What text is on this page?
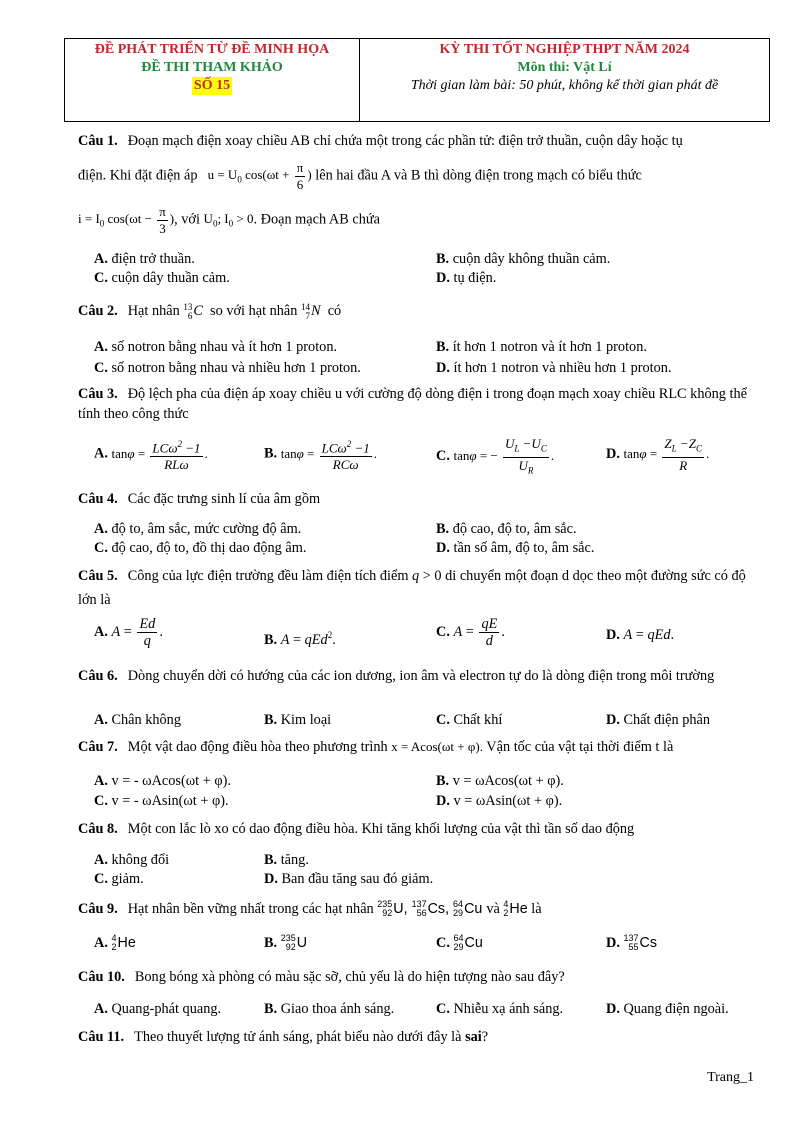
ĐỀ PHÁT TRIỂN TỪ ĐỀ MINH HỌA
ĐỀ THI THAM KHẢO
SỐ 15
KỲ THI TỐT NGHIỆP THPT NĂM 2024
Môn thi: Vật Lí
Thời gian làm bài: 50 phút, không kể thời gian phát đề
Câu 1. Đoạn mạch điện xoay chiều AB chỉ chứa một trong các phần tử: điện trở thuần, cuộn dây hoặc tụ
điện. Khi đặt điện áp   $u = U_0$ $\cos(\omega t + \frac{\pi}{6}$ ) lên hai đầu A và B thì dòng điện trong mạch có biểu thức
$i = I_0$ $\cos(\omega t - \frac{\pi}{3}$ ), với $U_0$; $I_0 > 0$. Đoạn mạch AB chứa
A. điện trở thuần.	B. cuộn dây không thuần cảm.
C. cuộn dây thuần cảm.	D. tụ điện.
Câu 2. Hạt nhân 13
6 C so với hạt nhân 14
7 N có
A. số notron bằng nhau và ít hơn 1 proton.	B. ít hơn 1 notron và ít hơn 1 proton.
C. số notron bằng nhau và nhiều hơn 1 proton.	D. ít hơn 1 notron và nhiều hơn 1 proton.
Câu 3. Độ lệch pha của điện áp xoay chiều u với cường độ dòng điện i trong đoạn mạch xoay chiều RLC không thể tính theo công thức
A. $\tan\varphi = \frac{LC\omega^2 -1}{\text{RLω}}$ .	B. $\tan\varphi = \frac{LC\omega^2 -1}{\text{RCω}}$ .	C. tanφ = − $\frac{U_L -U_C}{U_R}$ .	D. $\tan\varphi = \frac{Z_L -Z_C}{R}$ .
Câu 4. Các đặc trưng sinh lí của âm gồm
A. độ to, âm sắc, mức cường độ âm.	B. độ cao, độ to, âm sắc.
C. độ cao, độ to, đồ thị dao động âm.	D. tần số âm, độ to, âm sắc.
Câu 5. Công của lực điện trường đều làm điện tích điểm q > 0 di chuyển một đoạn d dọc theo một đường sức có độ lớn là
A. $A = \frac{Ed}{q}$ .	B. A = qEd$^2$.	C. $A = \frac{qE}{d}$ .	D. A = qEd.
Câu 6. Dòng chuyển dời có hướng của các ion dương, ion âm và electron tự do là dòng điện trong môi trường
A. Chân không	B. Kim loại	C. Chất khí	D. Chất điện phân
Câu 7. Một vật dao động điều hòa theo phương trình x = Acos(ωt + φ). Vận tốc của vật tại thời điểm t là
A. v = - ωAcos(ωt + φ).	B. v = ωAcos(ωt + φ).
C. v = - ωAsin(ωt + φ).	D. v = ωAsin(ωt + φ).
Câu 8. Một con lắc lò xo có dao động điều hòa. Khi tăng khối lượng của vật thì tần số dao động
A. không đổi	B. tăng.
C. giảm.	D. Ban đầu tăng sau đó giảm.
Câu 9. Hạt nhân bền vững nhất trong các hạt nhân 235
92 U, 137
56 Cs, 64
29 Cu và 4
2 He là
A. 4
2 He	B. 235
92 U	C. 64
29 Cu	D. 137
55 Cs
Câu 10. Bong bóng xà phòng có màu sặc sỡ, chủ yếu là do hiện tượng nào sau đây?
A. Quang-phát quang.	B. Giao thoa ánh sáng.	C. Nhiễu xạ ánh sáng.	D. Quang điện ngoài.
Câu 11. Theo thuyết lượng tử ánh sáng, phát biểu nào dưới đây là sai?
Trang_1
